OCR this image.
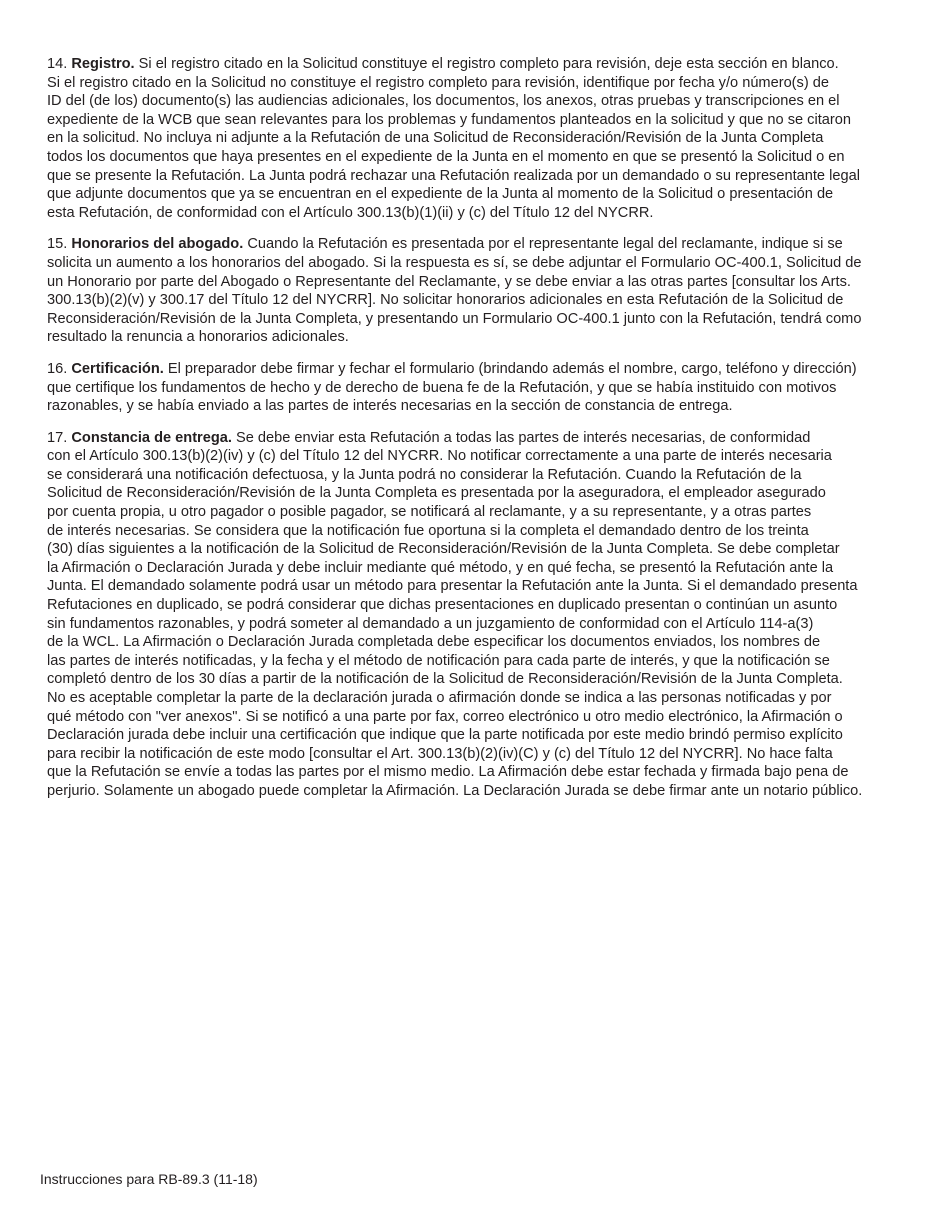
14. Registro. Si el registro citado en la Solicitud constituye el registro completo para revisión, deje esta sección en blanco.
Si el registro citado en la Solicitud no constituye el registro completo para revisión, identifique por fecha y/o número(s) de
ID del (de los) documento(s) las audiencias adicionales, los documentos, los anexos, otras pruebas y transcripciones en el
expediente de la WCB que sean relevantes para los problemas y fundamentos planteados en la solicitud y que no se citaron
en la solicitud. No incluya ni adjunte a la Refutación de una Solicitud de Reconsideración/Revisión de la Junta Completa
todos los documentos que haya presentes en el expediente de la Junta en el momento en que se presentó la Solicitud o en
que se presente la Refutación. La Junta podrá rechazar una Refutación realizada por un demandado o su representante legal
que adjunte documentos que ya se encuentran en el expediente de la Junta al momento de la Solicitud o presentación de
esta Refutación, de conformidad con el Artículo 300.13(b)(1)(ii) y (c) del Título 12 del NYCRR.
15. Honorarios del abogado. Cuando la Refutación es presentada por el representante legal del reclamante, indique si se
solicita un aumento a los honorarios del abogado. Si la respuesta es sí, se debe adjuntar el Formulario OC-400.1, Solicitud de
un Honorario por parte del Abogado o Representante del Reclamante, y se debe enviar a las otras partes [consultar los Arts.
300.13(b)(2)(v) y 300.17 del Título 12 del NYCRR]. No solicitar honorarios adicionales en esta Refutación de la Solicitud de
Reconsideración/Revisión de la Junta Completa, y presentando un Formulario OC-400.1 junto con la Refutación, tendrá como
resultado la renuncia a honorarios adicionales.
16. Certificación. El preparador debe firmar y fechar el formulario (brindando además el nombre, cargo, teléfono y dirección)
que certifique los fundamentos de hecho y de derecho de buena fe de la Refutación, y que se había instituido con motivos
razonables, y se había enviado a las partes de interés necesarias en la sección de constancia de entrega.
17. Constancia de entrega. Se debe enviar esta Refutación a todas las partes de interés necesarias, de conformidad
con el Artículo 300.13(b)(2)(iv) y (c) del Título 12 del NYCRR. No notificar correctamente a una parte de interés necesaria
se considerará una notificación defectuosa, y la Junta podrá no considerar la Refutación. Cuando la Refutación de la
Solicitud de Reconsideración/Revisión de la Junta Completa es presentada por la aseguradora, el empleador asegurado
por cuenta propia, u otro pagador o posible pagador, se notificará al reclamante, y a su representante, y a otras partes
de interés necesarias. Se considera que la notificación fue oportuna si la completa el demandado dentro de los treinta
(30) días siguientes a la notificación de la Solicitud de Reconsideración/Revisión de la Junta Completa. Se debe completar
la Afirmación o Declaración Jurada y debe incluir mediante qué método, y en qué fecha, se presentó la Refutación ante la
Junta. El demandado solamente podrá usar un método para presentar la Refutación ante la Junta. Si el demandado presenta
Refutaciones en duplicado, se podrá considerar que dichas presentaciones en duplicado presentan o continúan un asunto
sin fundamentos razonables, y podrá someter al demandado a un juzgamiento de conformidad con el Artículo 114-a(3)
de la WCL. La Afirmación o Declaración Jurada completada debe especificar los documentos enviados, los nombres de
las partes de interés notificadas, y la fecha y el método de notificación para cada parte de interés, y que la notificación se
completó dentro de los 30 días a partir de la notificación de la Solicitud de Reconsideración/Revisión de la Junta Completa.
No es aceptable completar la parte de la declaración jurada o afirmación donde se indica a las personas notificadas y por
qué método con "ver anexos". Si se notificó a una parte por fax, correo electrónico u otro medio electrónico, la Afirmación o
Declaración jurada debe incluir una certificación que indique que la parte notificada por este medio brindó permiso explícito
para recibir la notificación de este modo [consultar el Art. 300.13(b)(2)(iv)(C) y (c) del Título 12 del NYCRR]. No hace falta
que la Refutación se envíe a todas las partes por el mismo medio. La Afirmación debe estar fechada y firmada bajo pena de
perjurio. Solamente un abogado puede completar la Afirmación. La Declaración Jurada se debe firmar ante un notario público.
Instrucciones para RB-89.3 (11-18)
